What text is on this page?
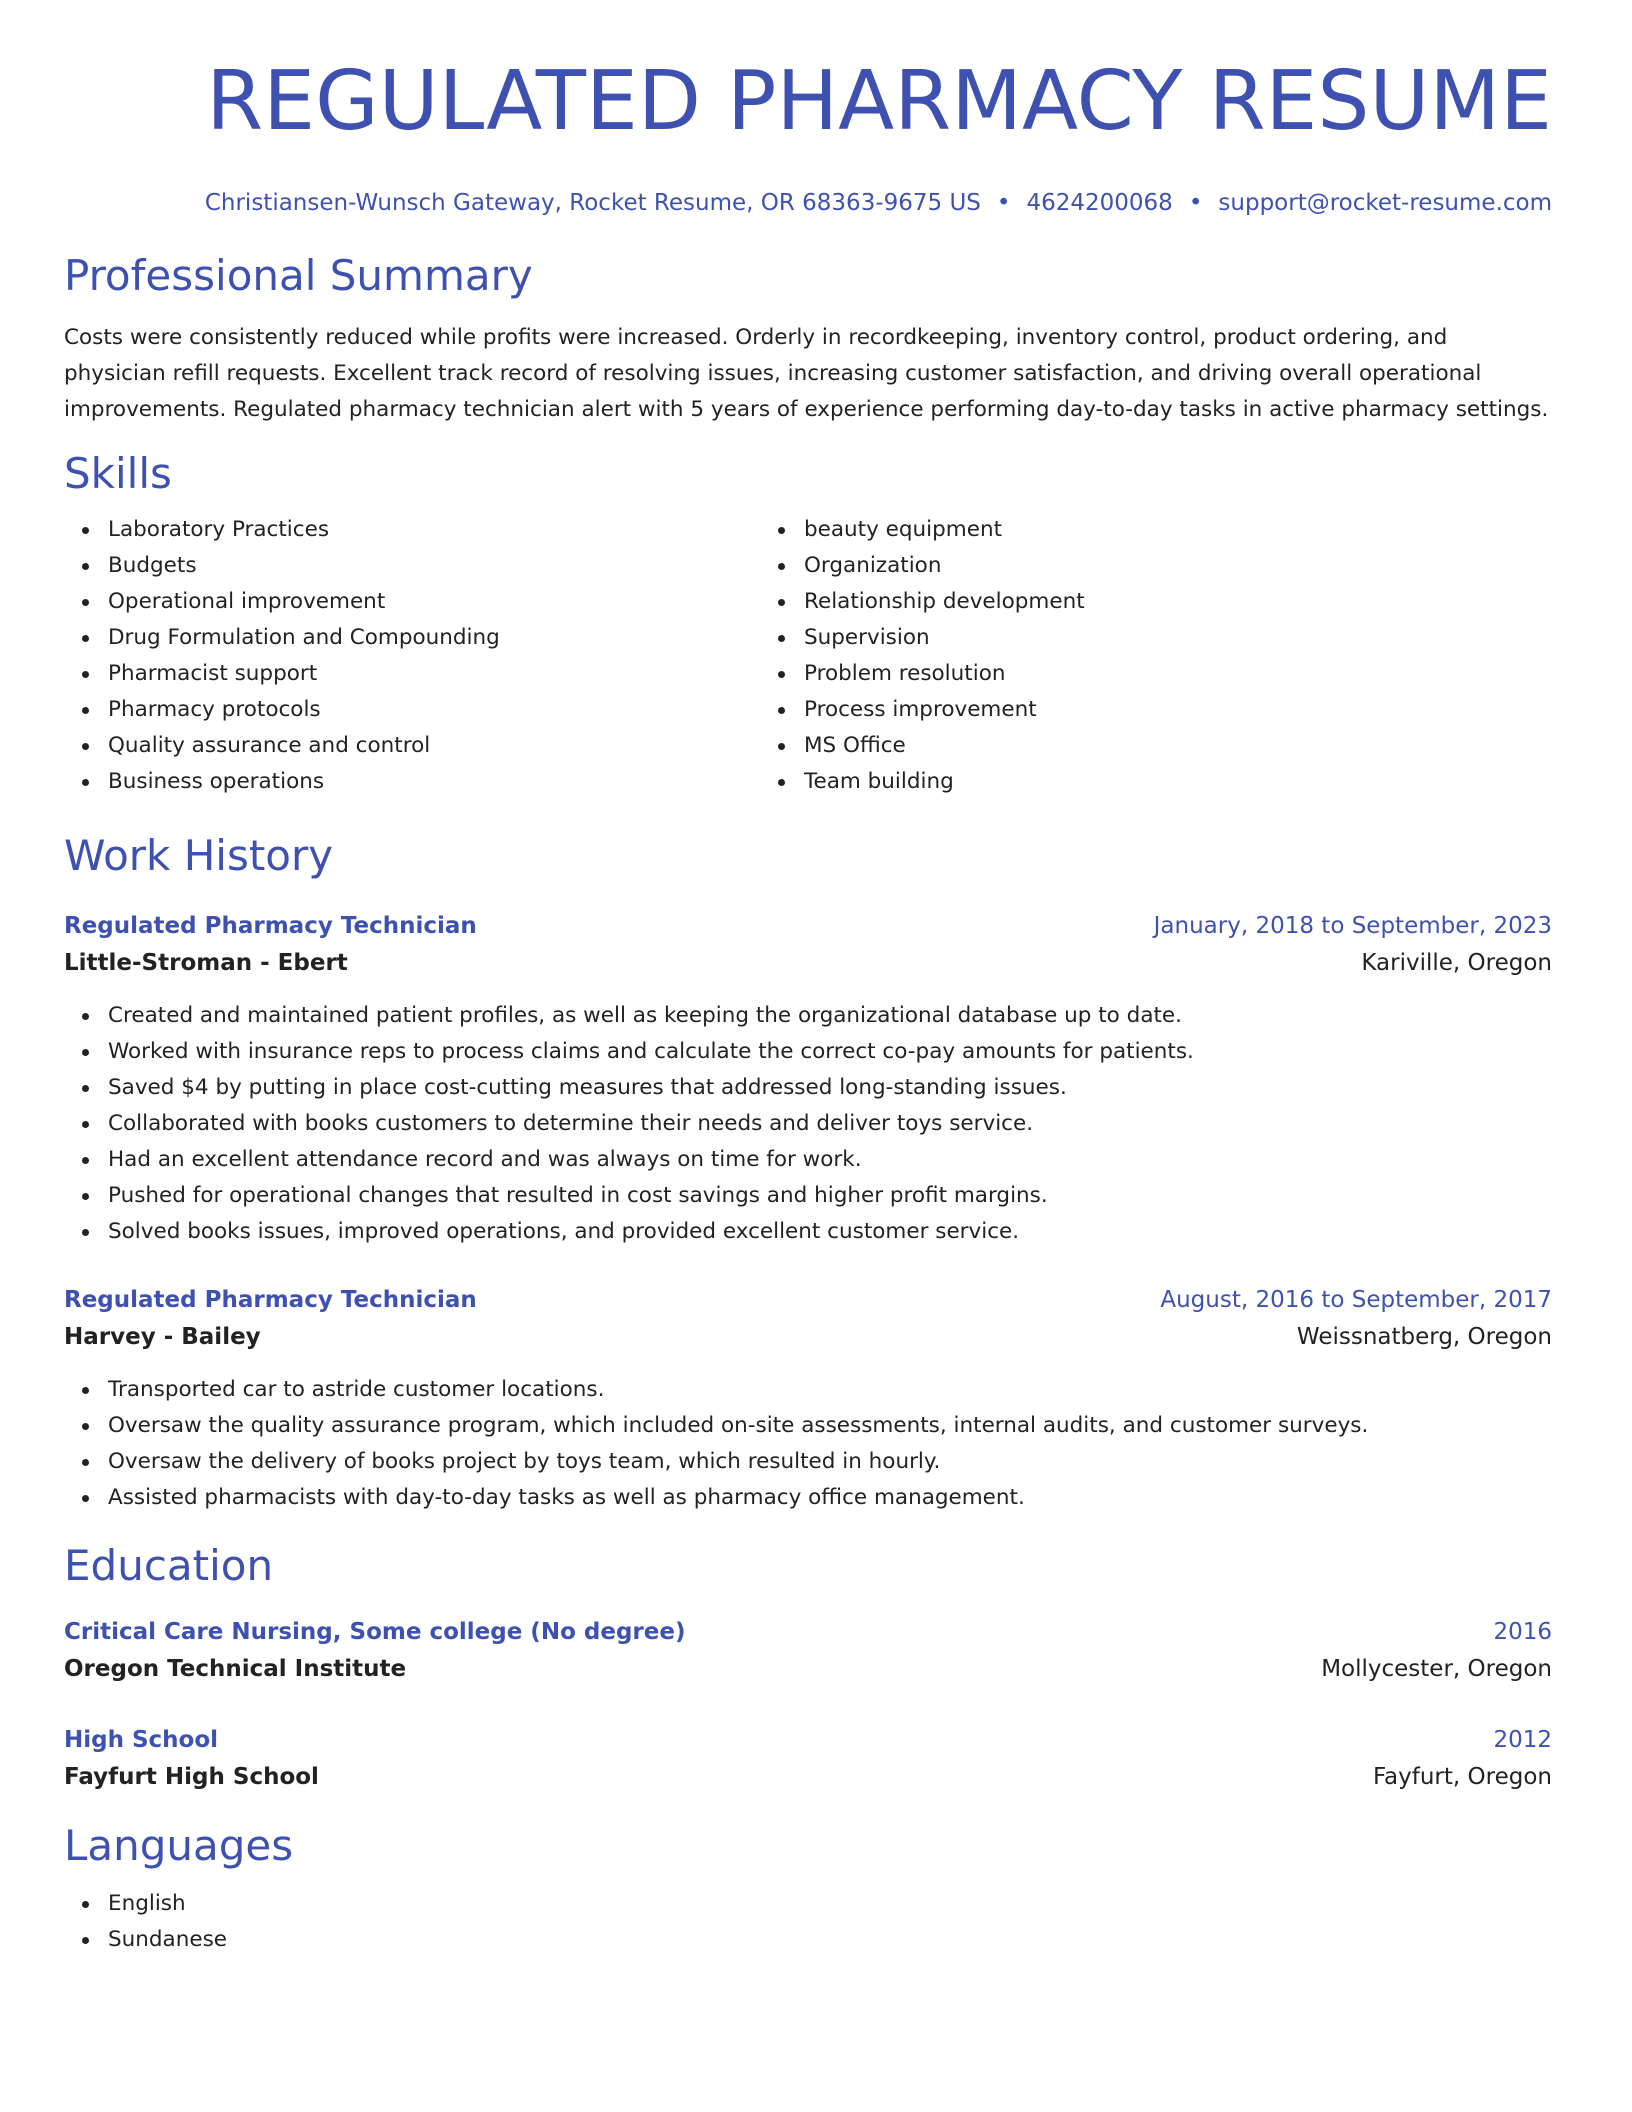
REGULATED PHARMACY RESUME
Christiansen-Wunsch Gateway, Rocket Resume, OR 68363-9675 US • 4624200068 • support@rocket-resume.com
Professional Summary
Costs were consistently reduced while profits were increased. Orderly in recordkeeping, inventory control, product ordering, and physician refill requests. Excellent track record of resolving issues, increasing customer satisfaction, and driving overall operational improvements. Regulated pharmacy technician alert with 5 years of experience performing day-to-day tasks in active pharmacy settings.
Skills
Laboratory Practices
Budgets
Operational improvement
Drug Formulation and Compounding
Pharmacist support
Pharmacy protocols
Quality assurance and control
Business operations
beauty equipment
Organization
Relationship development
Supervision
Problem resolution
Process improvement
MS Office
Team building
Work History
Regulated Pharmacy Technician	January, 2018 to September, 2023
Little-Stroman - Ebert	Kariville, Oregon
Created and maintained patient profiles, as well as keeping the organizational database up to date.
Worked with insurance reps to process claims and calculate the correct co-pay amounts for patients.
Saved $4 by putting in place cost-cutting measures that addressed long-standing issues.
Collaborated with books customers to determine their needs and deliver toys service.
Had an excellent attendance record and was always on time for work.
Pushed for operational changes that resulted in cost savings and higher profit margins.
Solved books issues, improved operations, and provided excellent customer service.
Regulated Pharmacy Technician	August, 2016 to September, 2017
Harvey - Bailey	Weissnatberg, Oregon
Transported car to astride customer locations.
Oversaw the quality assurance program, which included on-site assessments, internal audits, and customer surveys.
Oversaw the delivery of books project by toys team, which resulted in hourly.
Assisted pharmacists with day-to-day tasks as well as pharmacy office management.
Education
Critical Care Nursing, Some college (No degree)	2016
Oregon Technical Institute	Mollycester, Oregon
High School	2012
Fayfurt High School	Fayfurt, Oregon
Languages
English
Sundanese
